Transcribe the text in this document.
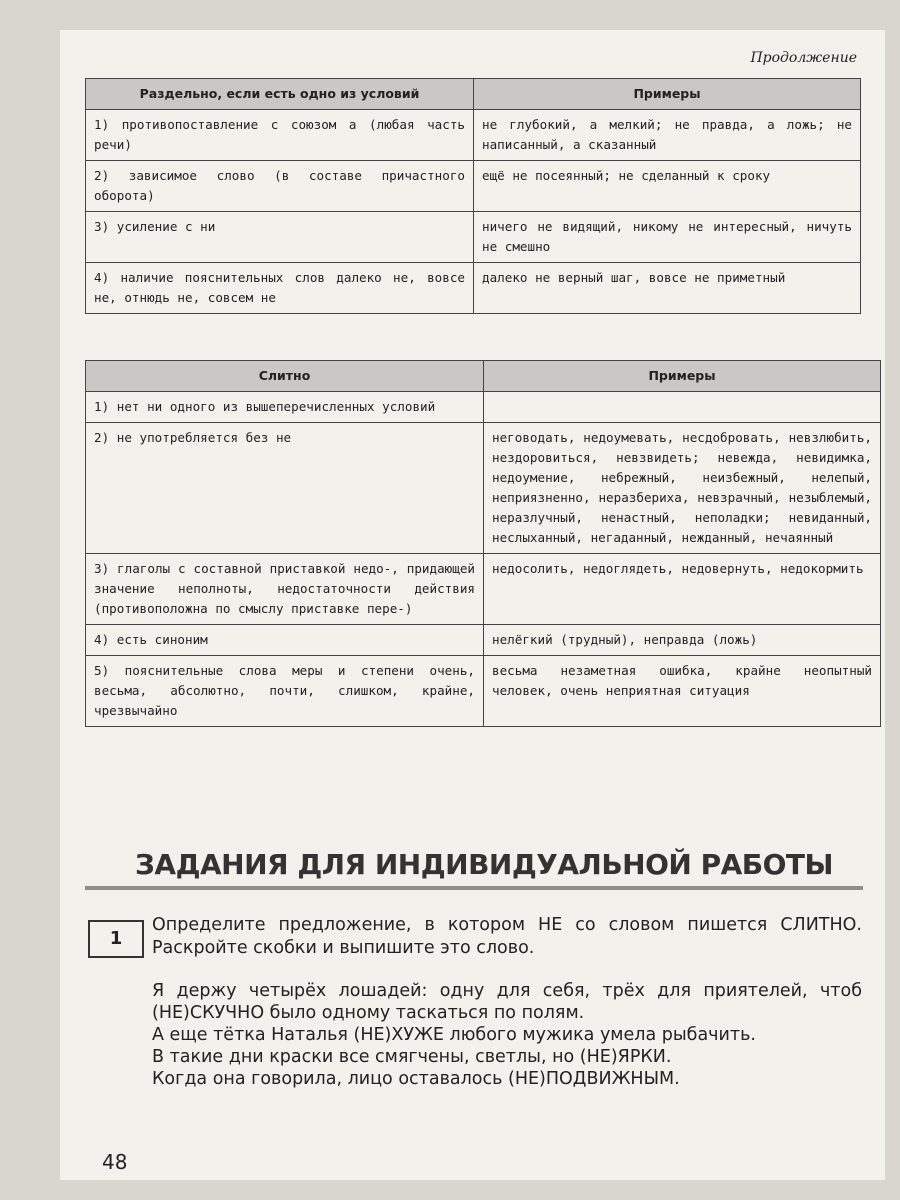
Продолжение
Раздельно, если есть одно из условий	Примеры
1) противопоставление с союзом а (любая часть речи)	не глубокий, а мелкий; не правда, а ложь; не написанный, а сказанный
2) зависимое слово (в составе причастного оборота)	ещё не посеянный; не сделанный к сроку
3) усиление с ни	ничего не видящий, никому не интересный, ничуть не смешно
4) наличие пояснительных слов далеко не, вовсе не, отнюдь не, совсем не	далеко не верный шаг, вовсе не приметный
Слитно	Примеры
1) нет ни одного из вышеперечисленных условий	
2) не употребляется без не	неговодать, недоумевать, несдобровать, невзлюбить, нездоровиться, невзвидеть; невежда, невидимка, недоумение, небрежный, неизбежный, нелепый, неприязненно, неразбериха, невзрачный, незыблемый, неразлучный, ненастный, неполадки; невиданный, неслыханный, негаданный, нежданный, нечаянный
3) глаголы с составной приставкой недо-, придающей значение неполноты, недостаточности действия (противоположна по смыслу приставке пере-)	недосолить, недоглядеть, недовернуть, недокормить
4) есть синоним	нелёгкий (трудный), неправда (ложь)
5) пояснительные слова меры и степени очень, весьма, абсолютно, почти, слишком, крайне, чрезвычайно	весьма незаметная ошибка, крайне неопытный человек, очень неприятная ситуация
ЗАДАНИЯ ДЛЯ ИНДИВИДУАЛЬНОЙ РАБОТЫ
1
Определите предложение, в котором НЕ со словом пишется СЛИТНО. Раскройте скобки и выпишите это слово.

Я держу четырёх лошадей: одну для себя, трёх для приятелей, чтоб (НЕ)СКУЧНО было одному таскаться по полям.

А еще тётка Наталья (НЕ)ХУЖЕ любого мужика умела рыбачить.

В такие дни краски все смягчены, светлы, но (НЕ)ЯРКИ.

Когда она говорила, лицо оставалось (НЕ)ПОДВИЖНЫМ.

48
